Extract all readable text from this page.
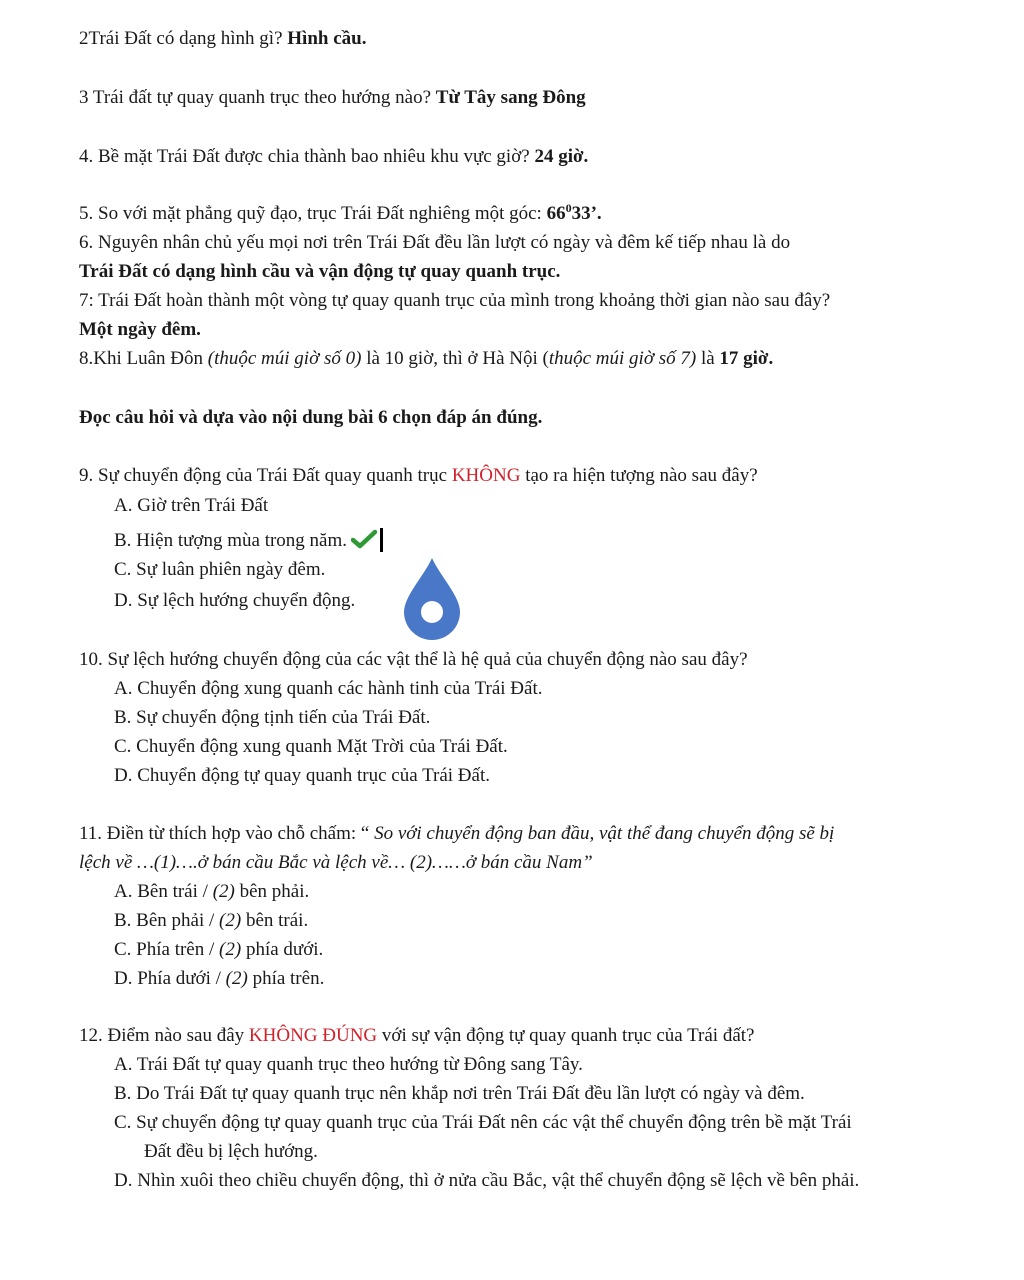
2Trái Đất có dạng hình gì? Hình cầu.
3 Trái đất tự quay quanh trục theo hướng nào? Từ Tây sang Đông
4. Bề mặt Trái Đất được chia thành bao nhiêu khu vực giờ? 24 giờ.
5. So với mặt phẳng quỹ đạo, trục Trái Đất nghiêng một góc: $66^033$’.
6. Nguyên nhân chủ yếu mọi nơi trên Trái Đất đều lần lượt có ngày và đêm kế tiếp nhau là do
Trái Đất có dạng hình cầu và vận động tự quay quanh trục.
7: Trái Đất hoàn thành một vòng tự quay quanh trục của mình trong khoảng thời gian nào sau đây?
Một ngày đêm.
8.Khi Luân Đôn (thuộc múi giờ số 0) là 10 giờ, thì ở Hà Nội (thuộc múi giờ số 7) là 17 giờ.
Đọc câu hỏi và dựa vào nội dung bài 6 chọn đáp án đúng.
9. Sự chuyển động của Trái Đất quay quanh trục KHÔNG tạo ra hiện tượng nào sau đây?
A. Giờ trên Trái Đất
B. Hiện tượng mùa trong năm.
C. Sự luân phiên ngày đêm.
D. Sự lệch hướng chuyển động.
10. Sự lệch hướng chuyển động của các vật thể là hệ quả của chuyển động nào sau đây?
A. Chuyển động xung quanh các hành tinh của Trái Đất.
B. Sự chuyển động tịnh tiến của Trái Đất.
C. Chuyển động xung quanh Mặt Trời của Trái Đất.
D. Chuyển động tự quay quanh trục của Trái Đất.
11. Điền từ thích hợp vào chỗ chấm: “ So với chuyển động ban đầu, vật thể đang chuyển động sẽ bị
lệch về …(1)….ở bán cầu Bắc và lệch về… (2)……ở bán cầu Nam”
A. Bên trái / (2) bên phải.
B. Bên phải / (2) bên trái.
C. Phía trên / (2) phía dưới.
D. Phía dưới / (2) phía trên.
12. Điểm nào sau đây KHÔNG ĐÚNG với sự vận động tự quay quanh trục của Trái đất?
A. Trái Đất tự quay quanh trục theo hướng từ Đông sang Tây.
B. Do Trái Đất tự quay quanh trục nên khắp nơi trên Trái Đất đều lần lượt có ngày và đêm.
C. Sự chuyển động tự quay quanh trục của Trái Đất nên các vật thể chuyển động trên bề mặt Trái
Đất đều bị lệch hướng.
D. Nhìn xuôi theo chiều chuyển động, thì ở nửa cầu Bắc, vật thể chuyển động sẽ lệch về bên phải.
